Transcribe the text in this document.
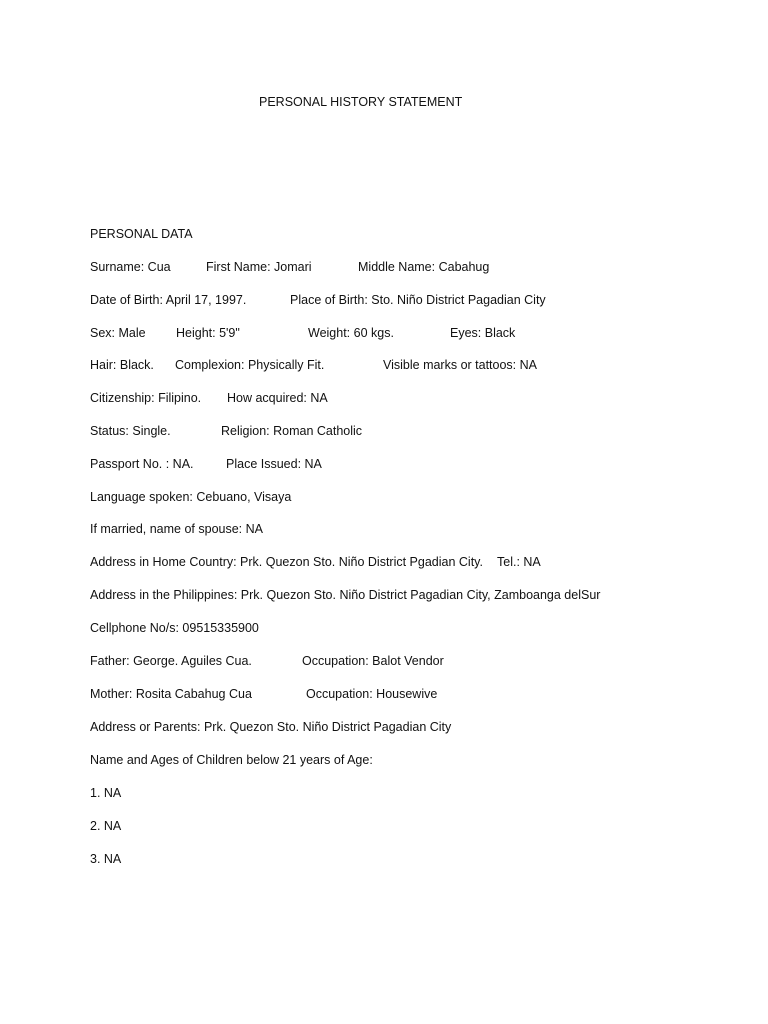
PERSONAL HISTORY STATEMENT
PERSONAL DATA
Surname: Cua	First Name: Jomari	Middle Name: Cabahug
Date of Birth: April 17, 1997.	Place of Birth: Sto. Niño District Pagadian City
Sex: Male Height: 5'9"	Weight: 60 kgs.	Eyes: Black
Hair: Black. Complexion: Physically Fit.	Visible marks or tattoos: NA
Citizenship: Filipino. How acquired: NA
Status: Single.	Religion: Roman Catholic
Passport No. : NA.	Place Issued: NA
Language spoken: Cebuano, Visaya
If married, name of spouse: NA
Address in Home Country: Prk. Quezon Sto. Niño District Pgadian City. Tel.: NA
Address in the Philippines: Prk. Quezon Sto. Niño District Pagadian City, Zamboanga delSur
Cellphone No/s: 09515335900
Father: George. Aguiles Cua.	Occupation: Balot Vendor
Mother: Rosita Cabahug Cua	Occupation: Housewive
Address or Parents: Prk. Quezon Sto. Niño District Pagadian City
Name and Ages of Children below 21 years of Age:
1. NA
2. NA
3. NA
